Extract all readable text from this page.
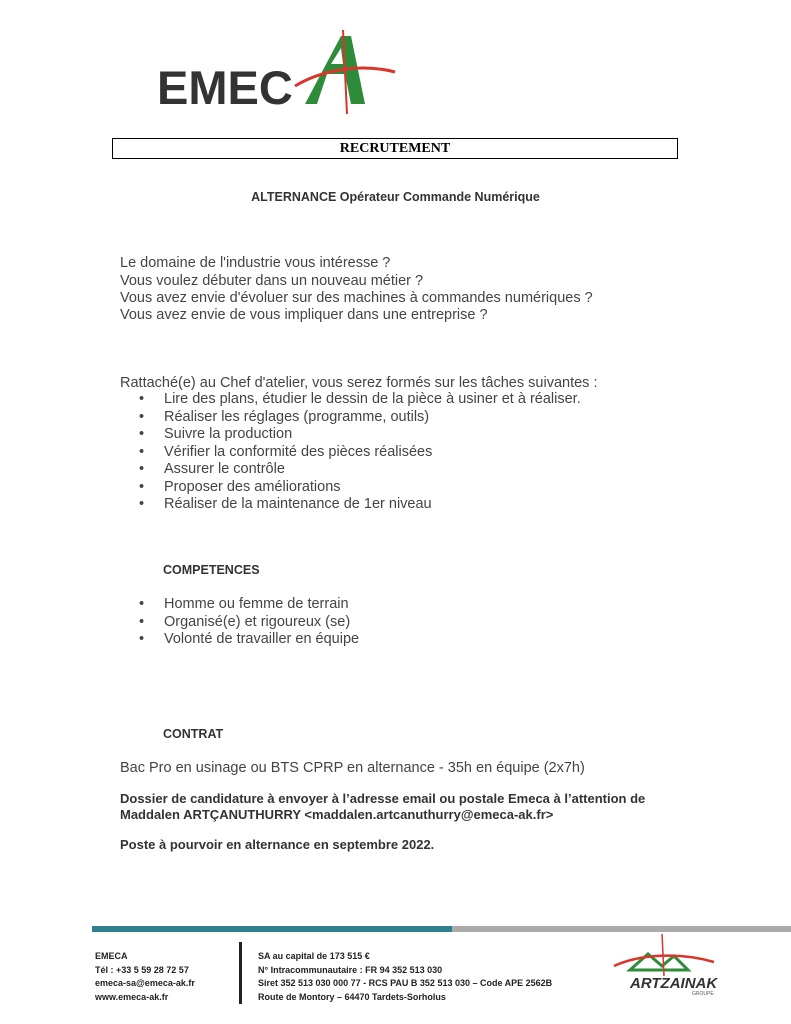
EMEC
RECRUTEMENT
ALTERNANCE Opérateur Commande Numérique
Le domaine de l'industrie vous intéresse ?
Vous voulez débuter dans un nouveau métier ?
Vous avez envie d'évoluer sur des machines à commandes numériques ?
Vous avez envie de vous impliquer dans une entreprise ?
Rattaché(e) au Chef d'atelier, vous serez formés sur les tâches suivantes :
• Lire des plans, étudier le dessin de la pièce à usiner et à réaliser.
• Réaliser les réglages (programme, outils)
• Suivre la production
• Vérifier la conformité des pièces réalisées
• Assurer le contrôle
• Proposer des améliorations
• Réaliser de la maintenance de 1er niveau
COMPETENCES
• Homme ou femme de terrain
• Organisé(e) et rigoureux (se)
• Volonté de travailler en équipe
CONTRAT
Bac Pro en usinage ou BTS CPRP en alternance - 35h en équipe (2x7h)
Dossier de candidature à envoyer à l’adresse email ou postale Emeca à l’attention de
Maddalen ARTÇANUTHURRY <maddalen.artcanuthurry@emeca-ak.fr>
Poste à pourvoir en alternance en septembre 2022.
EMECA
Tél : +33 5 59 28 72 57
emeca-sa@emeca-ak.fr
www.emeca-ak.fr
SA au capital de 173 515 €
N° Intracommunautaire : FR 94 352 513 030
Siret 352 513 030 000 77 - RCS PAU B 352 513 030 – Code APE 2562B
Route de Montory – 64470 Tardets-Sorholus
ARTZAINAK
GROUPE
